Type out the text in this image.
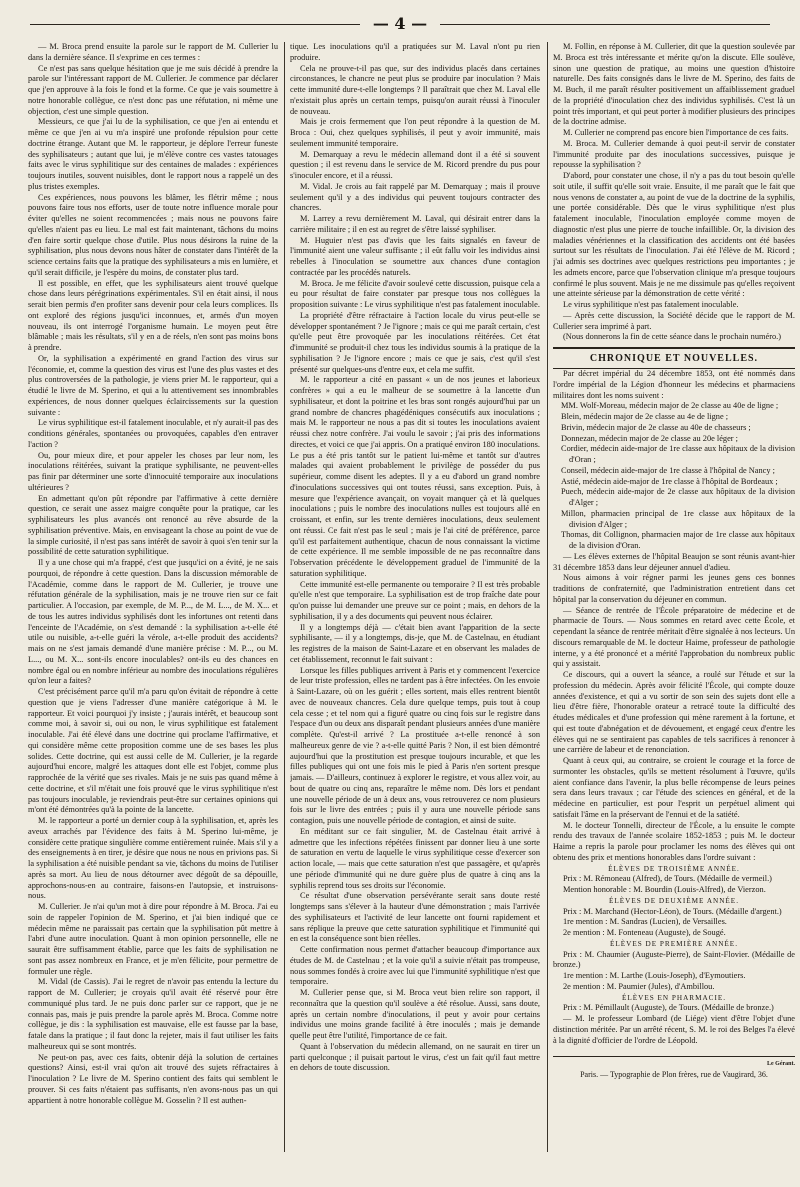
— 4 —

— M. Broca prend ensuite la parole sur le rapport de M. Cullerier lu dans la dernière séance. Il s'exprime en ces termes :

Ce n'est pas sans quelque hésitation que je me suis décidé à prendre la parole sur l'intéressant rapport de M. Cullerier. Je commence par déclarer que j'en approuve à la fois le fond et la forme. Ce que je vais soumettre à notre honorable collègue, ce n'est donc pas une réfutation, ni même une objection, c'est une simple question.

Messieurs, ce que j'ai lu de la syphilisation, ce que j'en ai entendu et même ce que j'en ai vu m'a inspiré une profonde répulsion pour cette doctrine étrange. Autant que M. le rapporteur, je déplore l'erreur funeste des syphilisateurs ; autant que lui, je m'élève contre ces vastes tatouages faits avec le virus syphilitique sur des centaines de malades : expériences toujours inutiles, souvent nuisibles, dont le rapport nous a rappelé un des plus tristes exemples.

Ces expériences, nous pouvons les blâmer, les flétrir même ; nous pouvons faire tous nos efforts, user de toute notre influence morale pour éviter qu'elles ne soient recommencées ; mais nous ne pouvons faire qu'elles n'aient pas eu lieu. Le mal est fait maintenant, tâchons du moins d'en faire sortir quelque chose d'utile. Plus nous désirons la ruine de la syphilisation, plus nous devons nous hâter de constater dans l'intérêt de la science certains faits que la pratique des syphilisateurs a mis en lumière, et qu'il serait difficile, je l'espère du moins, de constater plus tard.

Il est possible, en effet, que les syphilisateurs aient trouvé quelque chose dans leurs pérégrinations expérimentales. S'il en était ainsi, il nous serait bien permis d'en profiter sans devenir pour cela leurs complices. Ils ont exploré des régions jusqu'ici inconnues, et, armés d'un moyen nouveau, ils ont interrogé l'organisme humain. Le moyen peut être blâmable ; mais les résultats, s'il y en a de réels, n'en sont pas moins bons à prendre.

Or, la syphilisation a expérimenté en grand l'action des virus sur l'économie, et, comme la question des virus est l'une des plus vastes et des plus controversées de la pathologie, je viens prier M. le rapporteur, qui a étudié le livre de M. Sperino, et qui a lu attentivement ses innombrables expériences, de nous donner quelques éclaircissements sur la question suivante :

Le virus syphilitique est-il fatalement inoculable, et n'y aurait-il pas des conditions générales, spontanées ou provoquées, capables d'en entraver l'action ?

Ou, pour mieux dire, et pour appeler les choses par leur nom, les inoculations réitérées, suivant la pratique syphilisante, ne peuvent-elles pas finir par déterminer une sorte d'innocuité temporaire aux inoculations ultérieures ?

En admettant qu'on pût répondre par l'affirmative à cette dernière question, ce serait une assez maigre conquête pour la pratique, car les syphilisateurs les plus avancés ont renoncé au rêve absurde de la syphilisation préventive. Mais, en envisageant la chose au point de vue de la simple curiosité, il n'est pas sans intérêt de savoir à quoi s'en tenir sur la possibilité de cette saturation syphilitique.

Il y a une chose qui m'a frappé, c'est que jusqu'ici on a évité, je ne sais pourquoi, de répondre à cette question. Dans la discussion mémorable de l'Académie, comme dans le rapport de M. Cullerier, je trouve une réfutation générale de la syphilisation, mais je ne trouve rien sur ce fait particulier. A l'occasion, par exemple, de M. P..., de M. L..., de M. X... et de tous les autres individus syphilisés dont les infortunes ont retenti dans l'enceinte de l'Académie, on s'est demandé : la syphilisation a-t-elle été utile ou nuisible, a-t-elle guéri la vérole, a-t-elle produit des accidents? mais on ne s'est jamais demandé d'une manière précise : M. P..., ou M. L..., ou M. X... sont-ils encore inoculables? ont-ils eu des chances en nombre égal ou en nombre inférieur au nombre des inoculations régulières qu'on leur a faites?

C'est précisément parce qu'il m'a paru qu'on évitait de répondre à cette question que je viens l'adresser d'une manière catégorique à M. le rapporteur. Et voici pourquoi j'y insiste ; j'aurais intérêt, et beaucoup sont comme moi, à savoir si, oui ou non, le virus syphilitique est fatalement inoculable. J'ai été élevé dans une doctrine qui proclame l'affirmative, et qui considère même cette proposition comme une de ses bases les plus solides. Cette doctrine, qui est aussi celle de M. Cullerier, je la regarde aujourd'hui encore, malgré les attaques dont elle est l'objet, comme plus rapprochée de la vérité que ses rivales. Mais je ne suis pas quand même à cette doctrine, et s'il m'était une fois prouvé que le virus syphilitique n'est pas toujours inoculable, je reviendrais peut-être sur certaines opinions qui m'ont été démontrées qu'à la pointe de la lancette.

M. le rapporteur a porté un dernier coup à la syphilisation, et, après les aveux arrachés par l'évidence des faits à M. Sperino lui-même, je considère cette pratique singulière comme entièrement ruinée. Mais s'il y a des enseignements à en tirer, je désire que nous ne nous en privions pas. Si la syphilisation a été nuisible pendant sa vie, tâchons du moins de l'utiliser après sa mort. Au lieu de nous détourner avec dégoût de sa dépouille, approchons-nous-en au contraire, faisons-en l'autopsie, et instruisons-nous.

M. Cullerier. Je n'ai qu'un mot à dire pour répondre à M. Broca. J'ai eu soin de rappeler l'opinion de M. Sperino, et j'ai bien indiqué que ce médecin même ne paraissait pas certain que la syphilisation pût mettre à l'abri d'une autre inoculation. Quant à mon opinion personnelle, elle ne saurait être suffisamment établie, parce que les faits de syphilisation ne sont pas assez nombreux en France, et je m'en félicite, pour permettre de formuler une règle.

M. Vidal (de Cassis). J'ai le regret de n'avoir pas entendu la lecture du rapport de M. Cullerier; je croyais qu'il avait été réservé pour être communiqué plus tard. Je ne puis donc parler sur ce rapport, que je ne connais pas, mais je puis prendre la parole après M. Broca. Comme notre collègue, je dis : la syphilisation est mauvaise, elle est fausse par la base, fatale dans la pratique ; il faut donc la rejeter, mais il faut utiliser les faits malheureux qui se sont montrés.

Ne peut-on pas, avec ces faits, obtenir déjà la solution de certaines questions? Ainsi, est-il vrai qu'on ait trouvé des sujets réfractaires à l'inoculation ? Le livre de M. Sperino contient des faits qui semblent le prouver. Si ces faits n'étaient pas suffisants, n'en avons-nous pas un qui appartient à notre honorable collègue M. Gosselin ? Il est authen-

tique. Les inoculations qu'il a pratiquées sur M. Laval n'ont pu rien produire.

Cela ne prouve-t-il pas que, sur des individus placés dans certaines circonstances, le chancre ne peut plus se produire par inoculation ? Mais cette immunité dure-t-elle longtemps ? Il paraîtrait que chez M. Laval elle n'existait plus après un certain temps, puisqu'on aurait réussi à l'inoculer de nouveau.

Mais je crois fermement que l'on peut répondre à la question de M. Broca : Oui, chez quelques syphilisés, il peut y avoir immunité, mais seulement immunité temporaire.

M. Demarquay a revu le médecin allemand dont il a été si souvent question ; il est revenu dans le service de M. Ricord prendre du pus pour s'inoculer encore, et il a réussi.

M. Vidal. Je crois au fait rappelé par M. Demarquay ; mais il prouve seulement qu'il y a des individus qui peuvent toujours contracter des chancres.

M. Larrey a revu dernièrement M. Laval, qui désirait entrer dans la carrière militaire ; il en est au regret de s'être laissé syphiliser.

M. Huguier n'est pas d'avis que les faits signalés en faveur de l'immunité aient une valeur suffisante ; il eût fallu voir les individus ainsi rebelles à l'inoculation se soumettre aux chances d'une contagion contractée par les procédés naturels.

M. Broca. Je me félicite d'avoir soulevé cette discussion, puisque cela a eu pour résultat de faire constater par presque tous nos collègues la proposition suivante : Le virus syphilitique n'est pas fatalement inoculable.

La propriété d'être réfractaire à l'action locale du virus peut-elle se développer spontanément ? Je l'ignore ; mais ce qui me paraît certain, c'est qu'elle peut être provoquée par les inoculations réitérées. Cet état d'immunité se produit-il chez tous les individus soumis à la pratique de la syphilisation ? Je l'ignore encore ; mais ce que je sais, c'est qu'il s'est présenté sur quelques-uns d'entre eux, et cela me suffit.

M. le rapporteur a cité en passant « un de nos jeunes et laborieux confrères » qui a eu le malheur de se soumettre à la lancette d'un syphilisateur, et dont la poitrine et les bras sont rongés aujourd'hui par un grand nombre de chancres phagédéniques consécutifs aux inoculations ; mais M. le rapporteur ne nous a pas dit si toutes les inoculations avaient réussi chez notre confrère. J'ai voulu le savoir ; j'ai pris des informations directes, et voici ce que j'ai appris. On a pratiqué environ 180 inoculations. Le pus a été pris tantôt sur le patient lui-même et tantôt sur d'autres malades qui avaient probablement le privilège de posséder du pus supérieur, comme disent les adeptes. Il y a eu d'abord un grand nombre d'inoculations successives qui ont toutes réussi, sans exception. Puis, à mesure que l'expérience avançait, on voyait manquer çà et là quelques inoculations ; puis le nombre des inoculations nulles est toujours allé en croissant, et enfin, sur les trente dernières inoculations, deux seulement ont réussi. Ce fait n'est pas le seul ; mais je l'ai cité de préférence, parce qu'il est parfaitement authentique, chacun de nous connaissant la victime de cette expérience. Il me semble impossible de ne pas reconnaître dans l'observation précédente le développement graduel de l'immunité de la saturation syphilitique.

Cette immunité est-elle permanente ou temporaire ? Il est très probable qu'elle n'est que temporaire. La syphilisation est de trop fraîche date pour qu'on puisse lui demander une preuve sur ce point ; mais, en dehors de la syphilisation, il y a des documents qui peuvent nous éclairer.

Il y a longtemps déjà — c'était bien avant l'apparition de la secte syphilisante, — il y a longtemps, dis-je, que M. de Castelnau, en étudiant les registres de la maison de Saint-Lazare et en observant les malades de cet établissement, reconnut le fait suivant :

Lorsque les filles publiques arrivent à Paris et y commencent l'exercice de leur triste profession, elles ne tardent pas à être infectées. On les envoie à Saint-Lazare, où on les guérit ; elles sortent, mais elles rentrent bientôt avec de nouveaux chancres. Cela dure quelque temps, puis tout à coup cela cesse ; et tel nom qui a figuré quatre ou cinq fois sur le registre dans l'espace d'un ou deux ans disparaît pendant plusieurs années d'une manière complète. Qu'est-il arrivé ? La prostituée a-t-elle renoncé à son malheureux genre de vie ? a-t-elle quitté Paris ? Non, il est bien démontré aujourd'hui que la prostitution est presque toujours incurable, et que les filles publiques qui ont une fois mis le pied à Paris n'en sortent presque jamais. — D'ailleurs, continuez à explorer le registre, et vous allez voir, au bout de quatre ou cinq ans, reparaître le même nom. Dès lors et pendant une nouvelle période de un à deux ans, vous retrouverez ce nom plusieurs fois sur le livre des entrées ; puis il y aura une nouvelle période sans contagion, puis une nouvelle période de contagion, et ainsi de suite.

En méditant sur ce fait singulier, M. de Castelnau était arrivé à admettre que les infections répétées finissent par donner lieu à une sorte de saturation en vertu de laquelle le virus syphilitique cesse d'exercer son action locale, — mais que cette saturation n'est que passagère, et qu'après une période d'immunité qui ne dure guère plus de quatre à cinq ans la syphilis reprend tous ses droits sur l'économie.

Ce résultat d'une observation persévérante serait sans doute resté longtemps sans s'élever à la hauteur d'une démonstration ; mais l'arrivée des syphilisateurs et l'activité de leur lancette ont fourni rapidement et sans réplique la preuve que cette saturation syphilitique et l'immunité qui en est la conséquence sont bien réelles.

Cette confirmation nous permet d'attacher beaucoup d'importance aux études de M. de Castelnau ; et la voie qu'il a suivie n'était pas trompeuse, nous sommes fondés à croire avec lui que l'immunité syphilitique n'est que temporaire.

M. Cullerier pense que, si M. Broca veut bien relire son rapport, il reconnaîtra que la question qu'il soulève a été résolue. Aussi, sans doute, après un certain nombre d'inoculations, il peut y avoir pour certains individus une moins grande facilité à être inoculés ; mais je demande quelle peut être l'utilité, l'importance de ce fait.

Quant à l'observation du médecin allemand, on ne saurait en tirer un parti quelconque ; il puisait partout le virus, c'est un fait qu'il faut mettre en dehors de toute discussion.

M. Follin, en réponse à M. Cullerier, dit que la question soulevée par M. Broca est très intéressante et mérite qu'on la discute. Elle soulève, sinon une question de pratique, au moins une question d'histoire naturelle. Des faits consignés dans le livre de M. Sperino, des faits de M. Buch, il me paraît résulter positivement un affaiblissement graduel de la propriété d'inoculation chez des individus syphilisés. C'est là un point très important, et qui peut porter à modifier plusieurs des principes de la doctrine admise.

M. Cullerier ne comprend pas encore bien l'importance de ces faits.

M. Broca. M. Cullerier demande à quoi peut-il servir de constater l'immunité produite par des inoculations successives, puisque je repousse la syphilisation ?

D'abord, pour constater une chose, il n'y a pas du tout besoin qu'elle soit utile, il suffit qu'elle soit vraie. Ensuite, il me paraît que le fait que nous venons de constater a, au point de vue de la doctrine de la syphilis, une portée considérable. Dès que le virus syphilitique n'est plus fatalement inoculable, l'inoculation employée comme moyen de diagnostic n'est plus une pierre de touche infaillible. Or, la division des maladies vénériennes et la classification des accidents ont été basées surtout sur les résultats de l'inoculation. J'ai été l'élève de M. Ricord ; j'ai admis ses doctrines avec quelques restrictions peu importantes ; je les admets encore, parce que l'observation clinique m'a presque toujours confirmé le plus souvent. Mais je ne me dissimule pas qu'elles reçoivent une atteinte sérieuse par la démonstration de cette vérité :

Le virus syphilitique n'est pas fatalement inoculable.

— Après cette discussion, la Société décide que le rapport de M. Cullerier sera imprimé à part.

(Nous donnerons la fin de cette séance dans le prochain numéro.)

CHRONIQUE ET NOUVELLES.

Par décret impérial du 24 décembre 1853, ont été nommés dans l'ordre impérial de la Légion d'honneur les médecins et pharmaciens militaires dont les noms suivent :

MM. Wolf-Moreau, médecin major de 2e classe au 40e de ligne ;
Blein, médecin major de 2e classe au 4e de ligne ;
Brivin, médecin major de 2e classe au 40e de chasseurs ;
Donnezan, médecin major de 2e classe au 20e léger ;
Cordier, médecin aide-major de 1re classe aux hôpitaux de la division d'Oran ;
Conseil, médecin aide-major de 1re classe à l'hôpital de Nancy ;
Astié, médecin aide-major de 1re classe à l'hôpital de Bordeaux ;
Puech, médecin aide-major de 2e classe aux hôpitaux de la division d'Alger ;
Millon, pharmacien principal de 1re classe aux hôpitaux de la division d'Alger ;
Thomas, dit Collignon, pharmacien major de 1re classe aux hôpitaux de la division d'Oran.

— Les élèves externes de l'hôpital Beaujon se sont réunis avant-hier 31 décembre 1853 dans leur déjeuner annuel d'adieu.

Nous aimons à voir régner parmi les jeunes gens ces bonnes traditions de confraternité, que l'administration entretient dans cet hôpital par la conservation du déjeuner en commun.

— Séance de rentrée de l'École préparatoire de médecine et de pharmacie de Tours. — Nous sommes en retard avec cette École, et cependant la séance de rentrée méritait d'être signalée à nos lecteurs. Un discours remarquable de M. le docteur Haime, professeur de pathologie interne, y a été prononcé et a mérité l'approbation du nombreux public qui y assistait.

Ce discours, qui a ouvert la séance, a roulé sur l'étude et sur la profession du médecin. Après avoir félicité l'École, qui compte douze années d'existence, et qui a vu sortir de son sein des sujets dont elle a lieu d'être fière, l'honorable orateur a retracé toute la difficulté des études médicales et d'une profession qui mène rarement à la fortune, et qui est toute d'abnégation et de dévouement, et engagé ceux d'entre les élèves qui ne se sentiraient pas capables de tels sacrifices à renoncer à une carrière de labeur et de renonciation.

Quant à ceux qui, au contraire, se croient le courage et la force de surmonter les obstacles, qu'ils se mettent résolument à l'œuvre, qu'ils aient confiance dans l'avenir, la plus belle récompense de leurs peines sera dans leurs travaux ; car l'étude des sciences en général, et de la médecine en particulier, est pour l'esprit un perpétuel aliment qui satisfait l'âme en la préservant de l'ennui et de la satiété.

M. le docteur Tonnelli, directeur de l'École, a lu ensuite le compte rendu des travaux de l'année scolaire 1852-1853 ; puis M. le docteur Haime a repris la parole pour proclamer les noms des élèves qui ont obtenu des prix et mentions honorables dans l'ordre suivant :

ÉLÈVES DE TROISIÈME ANNÉE.

Prix : M. Rémoneau (Alfred), de Tours. (Médaille de vermeil.)

Mention honorable : M. Bourdin (Louis-Alfred), de Vierzon.

ÉLÈVES DE DEUXIÈME ANNÉE.

Prix : M. Marchand (Hector-Léon), de Tours. (Médaille d'argent.)

1re mention : M. Sandras (Lucien), de Versailles.

2e mention : M. Fonteneau (Auguste), de Sougé.

ÉLÈVES DE PREMIÈRE ANNÉE.

Prix : M. Chaumier (Auguste-Pierre), de Saint-Flovier. (Médaille de bronze.)

1re mention : M. Larthe (Louis-Joseph), d'Eymoutiers.

2e mention : M. Paumier (Jules), d'Ambillou.

ÉLÈVES EN PHARMACIE.

Prix : M. Pémillault (Auguste), de Tours. (Médaille de bronze.)

— M. le professeur Lombard (de Liége) vient d'être l'objet d'une distinction méritée. Par un arrêté récent, S. M. le roi des Belges l'a élevé à la dignité d'officier de l'ordre de Léopold.

Le Gérant.
Paris. — Typographie de Plon frères, rue de Vaugirard, 36.
